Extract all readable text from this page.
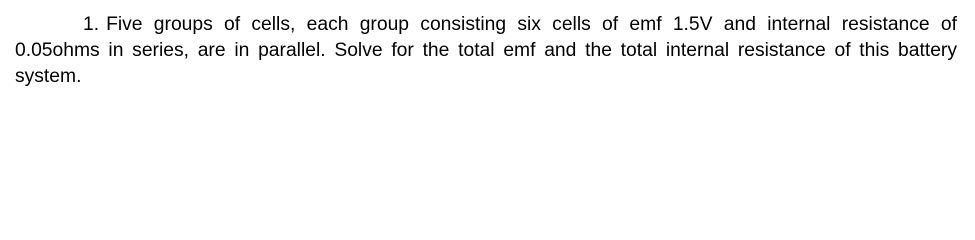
1. Five groups of cells, each group consisting six cells of emf 1.5V and internal resistance of 0.05ohms in series, are in parallel. Solve for the total emf and the total internal resistance of this battery system.
